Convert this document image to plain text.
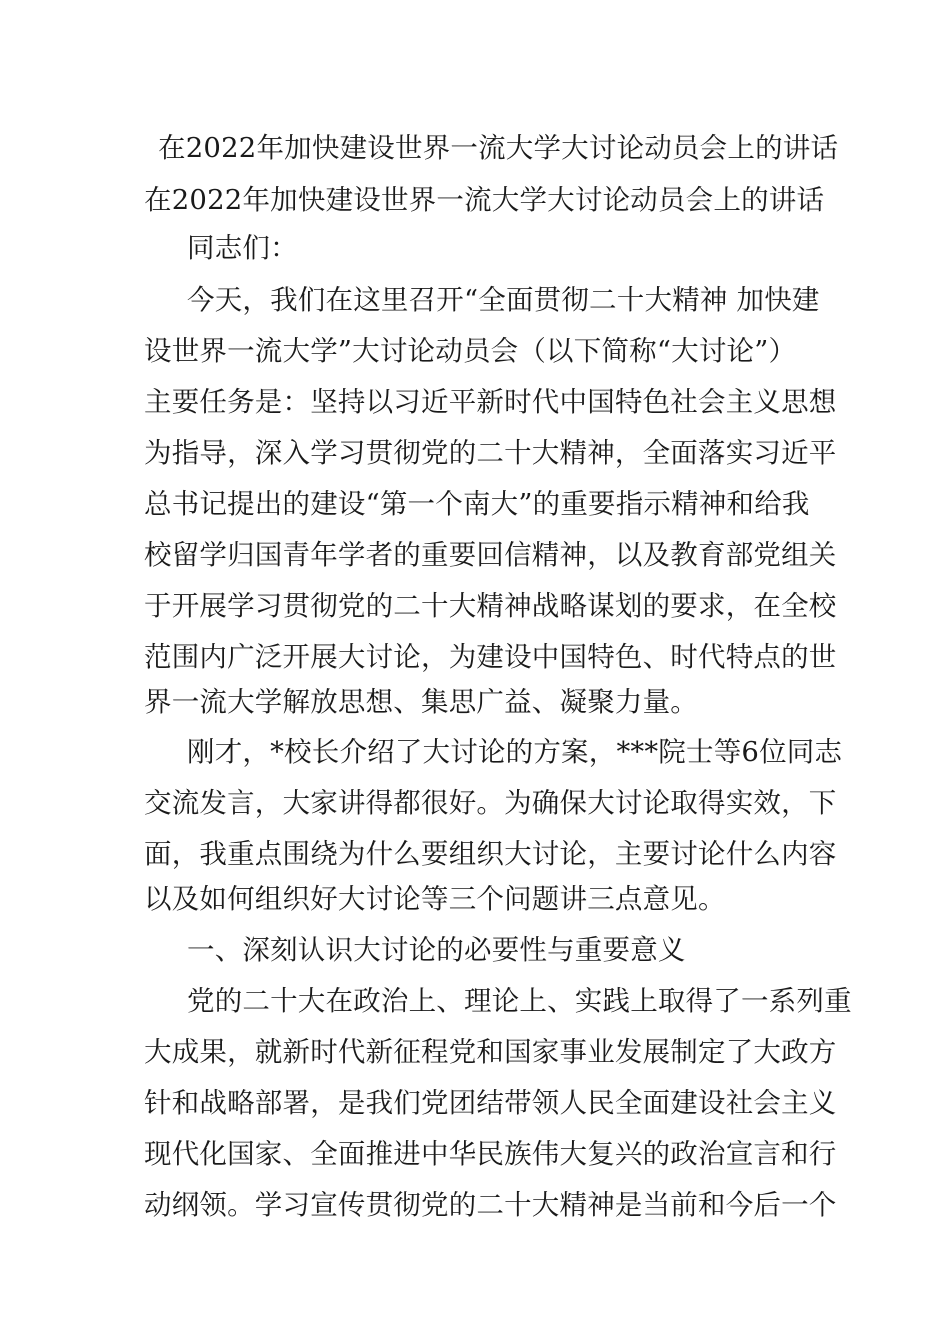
在2022年加快建设世界一流大学大讨论动员会上的讲话
在2022年加快建设世界一流大学大讨论动员会上的讲话
同志们：
今天，我们在这里召开“全面贯彻二十大精神 加快建
设世界一流大学”大讨论动员会（以下简称“大讨论”）
主要任务是：坚持以习近平新时代中国特色社会主义思想
为指导，深入学习贯彻党的二十大精神，全面落实习近平
总书记提出的建设“第一个南大”的重要指示精神和给我
校留学归国青年学者的重要回信精神，以及教育部党组关
于开展学习贯彻党的二十大精神战略谋划的要求，在全校
范围内广泛开展大讨论，为建设中国特色、时代特点的世
界一流大学解放思想、集思广益、凝聚力量。
刚才，*校长介绍了大讨论的方案，***院士等6位同志
交流发言，大家讲得都很好。为确保大讨论取得实效，下
面，我重点围绕为什么要组织大讨论，主要讨论什么内容
以及如何组织好大讨论等三个问题讲三点意见。
一、深刻认识大讨论的必要性与重要意义
党的二十大在政治上、理论上、实践上取得了一系列重
大成果，就新时代新征程党和国家事业发展制定了大政方
针和战略部署，是我们党团结带领人民全面建设社会主义
现代化国家、全面推进中华民族伟大复兴的政治宣言和行
动纲领。学习宣传贯彻党的二十大精神是当前和今后一个
